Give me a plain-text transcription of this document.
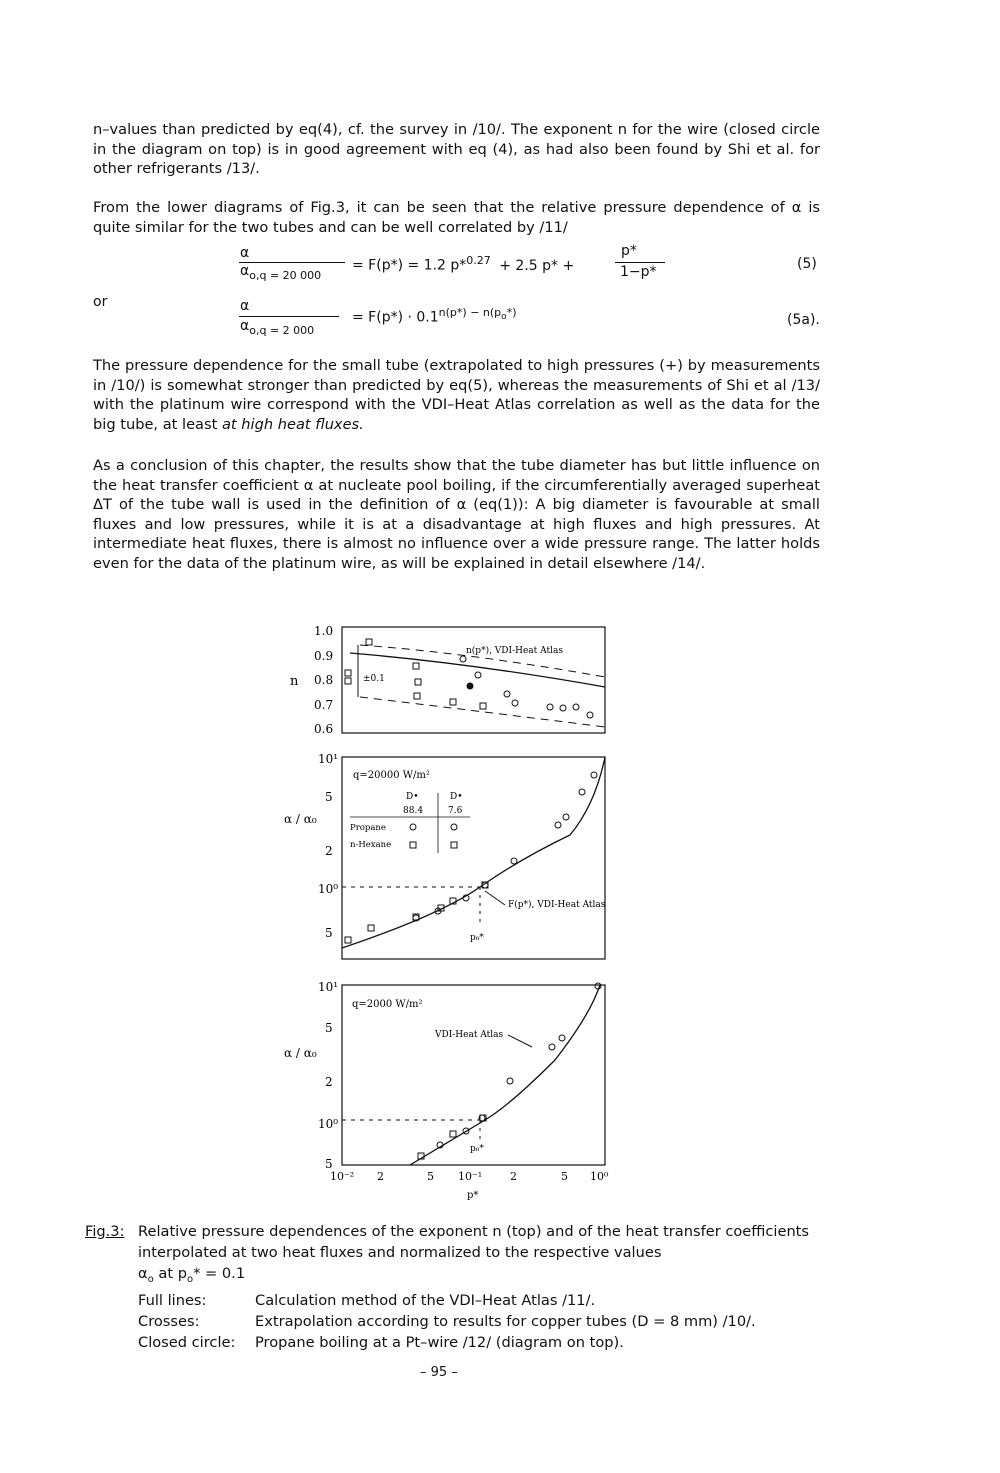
n–values than predicted by eq(4), cf. the survey in /10/. The exponent n for the wire (closed circle in the diagram on top) is in good agreement with eq (4), as had also been found by Shi et al. for other refrigerants /13/.
From the lower diagrams of Fig.3, it can be seen that the relative pressure dependence of α is quite similar for the two tubes and can be well correlated by /11/
α
$\alpha_{o,q = 20 000}$
= F(p*) = 1.2 p*$^{0.27}$ + 2.5 p* +
p*
1−p*	(5)
or	α
$\alpha_{o,q = 2 000}$
= $F(p*) \cdot 0.1^{n(p*) - n(p_o*)}$	(5a).
The pressure dependence for the small tube (extrapolated to high pressures (+) by measurements in /10/) is somewhat stronger than predicted by eq(5), whereas the measurements of Shi et al /13/ with the platinum wire correspond with the VDI–Heat Atlas correlation as well as the data for the big tube, at least at high heat fluxes.
As a conclusion of this chapter, the results show that the tube diameter has but little influence on the heat transfer coefficient α at nucleate pool boiling, if the circumferentially averaged superheat ΔT of the tube wall is used in the definition of α (eq(1)): A big diameter is favourable at small fluxes and low pressures, while it is at a disadvantage at high fluxes and high pressures. At intermediate heat fluxes, there is almost no influence over a wide pressure range. The latter holds even for the data of the platinum wire, as will be explained in detail elsewhere /14/.
1.0
0.9
0.8
0.7
0.6
n	±0.1
n(p*), VDI-Heat Atlas
10¹
5
2
10⁰
5
α / α₀
q=20000 W/m²
D•	D•
88.4	7.6
Propane
n-Hexane
p₀*
F(p*), VDI-Heat Atlas
10¹
5
2
10⁰
5
α / α₀
q=2000 W/m²
p₀*
VDI-Heat Atlas
10⁻² 2	5 10⁻¹	2	5 10⁰
p*
Fig.3: Relative pressure dependences of the exponent n (top) and of the heat transfer coefficients interpolated at two heat fluxes and normalized to the respective values
$\alpha_o$ at $p_o* = 0.1$
Full lines:	Calculation method of the VDI–Heat Atlas /11/.
Crosses:	Extrapolation according to results for copper tubes (D = 8 mm) /10/.
Closed circle:	Propane boiling at a Pt–wire /12/ (diagram on top).
– 95 –
